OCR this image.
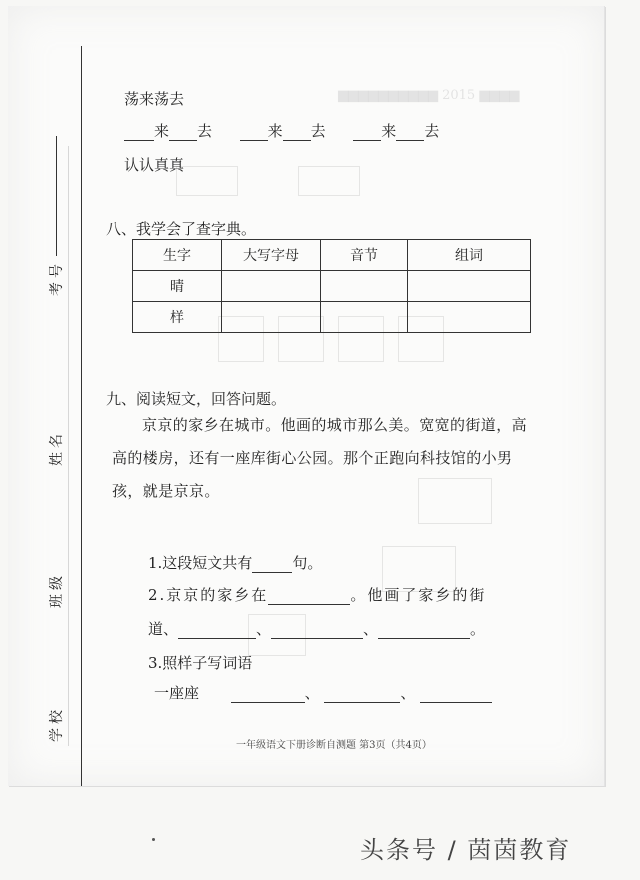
▆▆▆▆▆▆▆▆▆▆ 2015 ▆▆▆▆
考号
姓名
班级
学校
荡来荡去
来 去	来 去	来 去
认认真真
八、我学会了查字典。
生字	大写字母	音节	组词
晴			
样			
九、阅读短文，回答问题。
京京的家乡在城市。他画的城市那么美。宽宽的街道，高高的楼房，还有一座库街心公园。那个正跑向科技馆的小男孩，就是京京。
1.这段短文共有	句。
2.京京的家乡在	。他画了家乡的街
道、	、	、	。
3.照样子写词语
一座座	、	、
一年级语文下册诊断自测题 第3页（共4页）
头条号 / 茵茵教育
